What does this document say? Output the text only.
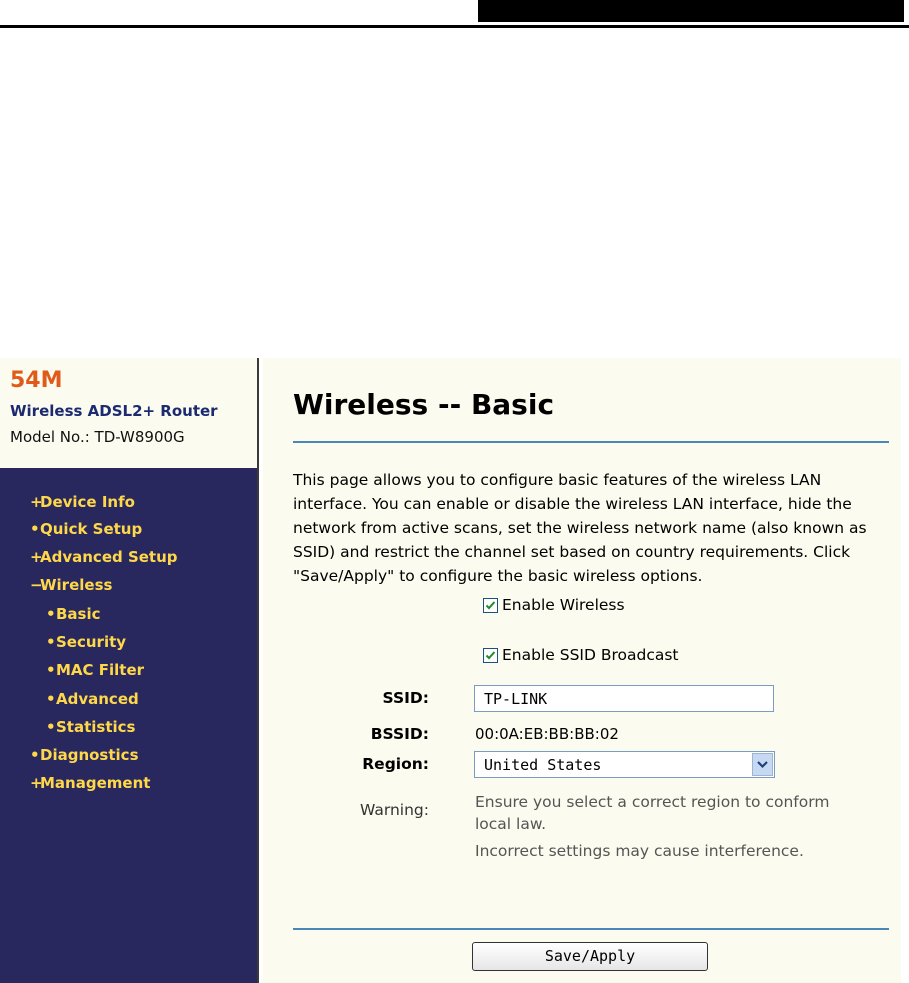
54M
Wireless ADSL2+ Router
Model No.: TD-W8900G
+Device Info
•Quick Setup
+Advanced Setup
−Wireless
•Basic
•Security
•MAC Filter
•Advanced
•Statistics
•Diagnostics
+Management
Wireless -- Basic

This page allows you to configure basic features of the wireless LAN interface. You can enable or disable the wireless LAN interface, hide the network from active scans, set the wireless network name (also known as SSID) and restrict the channel set based on country requirements. Click "Save/Apply" to configure the basic wireless options.

Enable Wireless
Enable SSID Broadcast
SSID:	TP-LINK
BSSID:	00:0A:EB:BB:BB:02
Region:	United States
Warning:	Ensure you select a correct region to conform local law.
Incorrect settings may cause interference.
Save/Apply
